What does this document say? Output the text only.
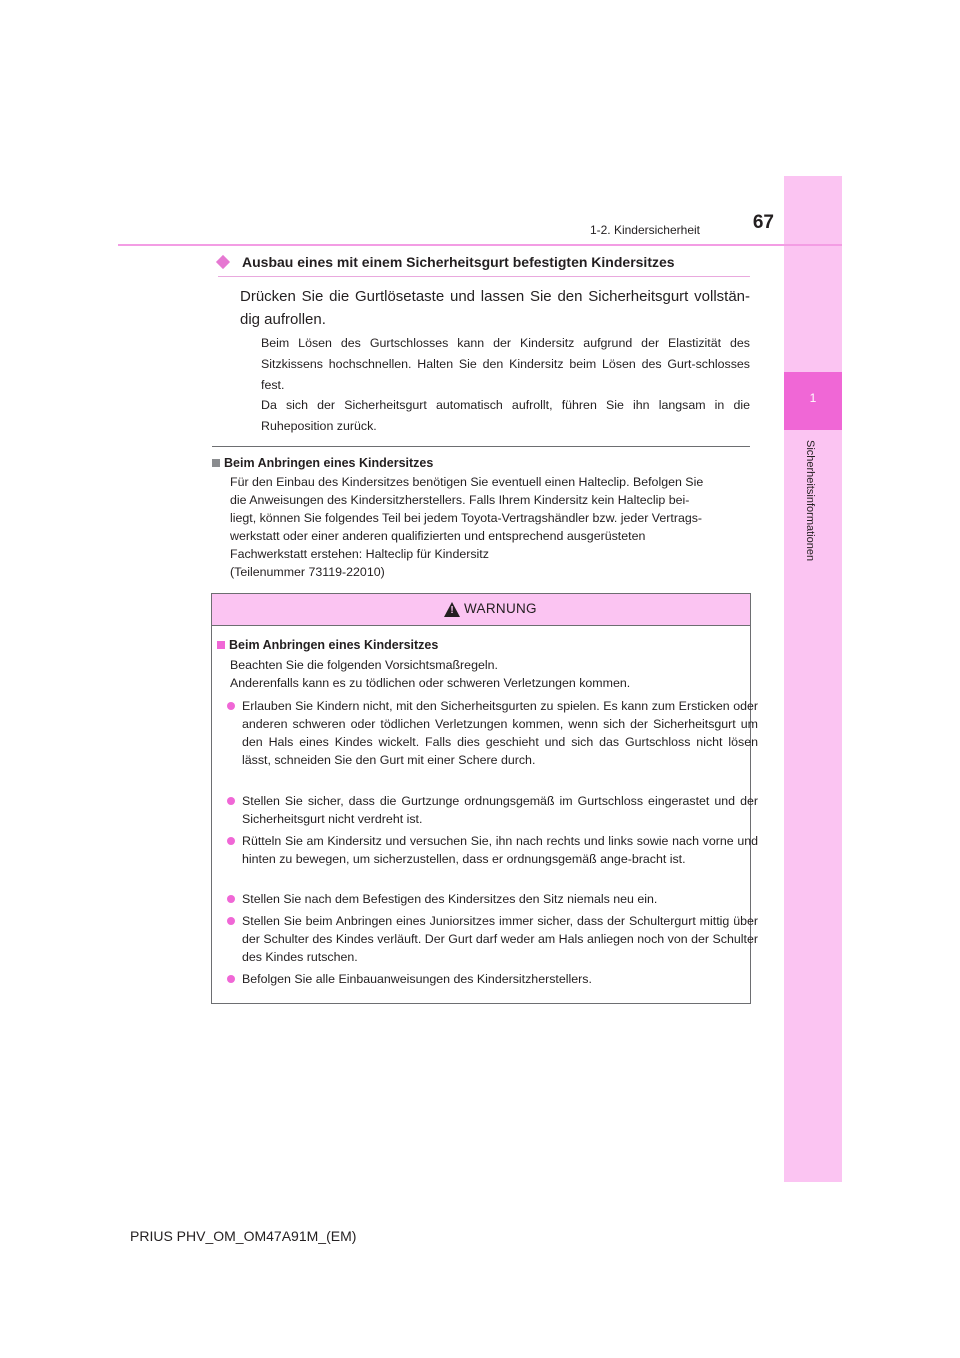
1
Sicherheitsinformationen
1-2. Kindersicherheit	67
Ausbau eines mit einem Sicherheitsgurt befestigten Kindersitzes
Drücken Sie die Gurtlösetaste und lassen Sie den Sicherheitsgurt vollstän-dig aufrollen.
Beim Lösen des Gurtschlosses kann der Kindersitz aufgrund der Elastizität des Sitzkissens hochschnellen. Halten Sie den Kindersitz beim Lösen des Gurt-schlosses fest.
Da sich der Sicherheitsgurt automatisch aufrollt, führen Sie ihn langsam in die Ruheposition zurück.
Beim Anbringen eines Kindersitzes
Für den Einbau des Kindersitzes benötigen Sie eventuell einen Halteclip. Befolgen Sie
die Anweisungen des Kindersitzherstellers. Falls Ihrem Kindersitz kein Halteclip bei-
liegt, können Sie folgendes Teil bei jedem Toyota-Vertragshändler bzw. jeder Vertrags-
werkstatt oder einer anderen qualifizierten und entsprechend ausgerüsteten
Fachwerkstatt erstehen: Halteclip für Kindersitz
(Teilenummer 73119-22010)
! WARNUNG
Beim Anbringen eines Kindersitzes
Beachten Sie die folgenden Vorsichtsmaßregeln.
Anderenfalls kann es zu tödlichen oder schweren Verletzungen kommen.
Erlauben Sie Kindern nicht, mit den Sicherheitsgurten zu spielen. Es kann zum Ersticken oder anderen schweren oder tödlichen Verletzungen kommen, wenn sich der Sicherheitsgurt um den Hals eines Kindes wickelt. Falls dies geschieht und sich das Gurtschloss nicht lösen lässt, schneiden Sie den Gurt mit einer Schere durch.
Stellen Sie sicher, dass die Gurtzunge ordnungsgemäß im Gurtschloss eingerastet und der Sicherheitsgurt nicht verdreht ist.
Rütteln Sie am Kindersitz und versuchen Sie, ihn nach rechts und links sowie nach vorne und hinten zu bewegen, um sicherzustellen, dass er ordnungsgemäß ange-bracht ist.
Stellen Sie nach dem Befestigen des Kindersitzes den Sitz niemals neu ein.
Stellen Sie beim Anbringen eines Juniorsitzes immer sicher, dass der Schultergurt mittig über der Schulter des Kindes verläuft. Der Gurt darf weder am Hals anliegen noch von der Schulter des Kindes rutschen.
Befolgen Sie alle Einbauanweisungen des Kindersitzherstellers.
PRIUS PHV_OM_OM47A91M_(EM)
